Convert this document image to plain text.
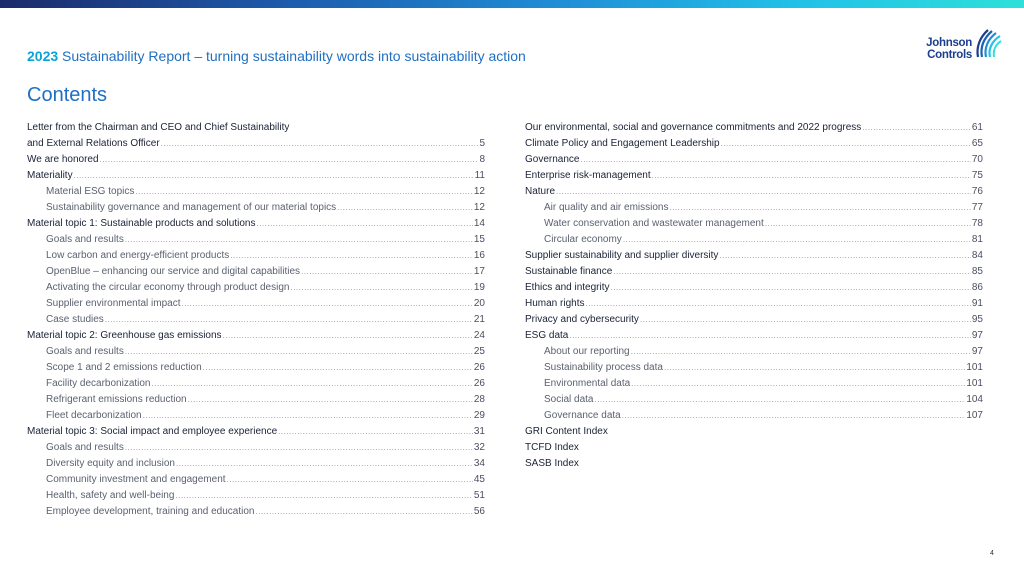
2023 Sustainability Report – turning sustainability words into sustainability action
Johnson
Controls
Contents
Letter from the Chairman and CEO and Chief Sustainability
and External Relations Officer .....	5
We are honored .....	8
Materiality .....	11
Material ESG topics .....	12
Sustainability governance and management of our material topics .....	12
Material topic 1: Sustainable products and solutions .....	14
Goals and results .....	15
Low carbon and energy-efficient products .....	16
OpenBlue – enhancing our service and digital capabilities .....	17
Activating the circular economy through product design .....	19
Supplier environmental impact .....	20
Case studies .....	21
Material topic 2: Greenhouse gas emissions .....	24
Goals and results .....	25
Scope 1 and 2 emissions reduction .....	26
Facility decarbonization .....	26
Refrigerant emissions reduction .....	28
Fleet decarbonization .....	29
Material topic 3: Social impact and employee experience .....	31
Goals and results .....	32
Diversity equity and inclusion .....	34
Community investment and engagement .....	45
Health, safety and well-being .....	51
Employee development, training and education .....	56
Our environmental, social and governance commitments and 2022 progress .....	61
Climate Policy and Engagement Leadership .....	65
Governance .....	70
Enterprise risk-management .....	75
Nature .....	76
Air quality and air emissions .....	77
Water conservation and wastewater management .....	78
Circular economy .....	81
Supplier sustainability and supplier diversity .....	84
Sustainable finance .....	85
Ethics and integrity .....	86
Human rights .....	91
Privacy and cybersecurity .....	95
ESG data .....	97
About our reporting .....	97
Sustainability process data .....	101
Environmental data .....	101
Social data .....	104
Governance data .....	107
GRI Content Index
TCFD Index
SASB Index
4
